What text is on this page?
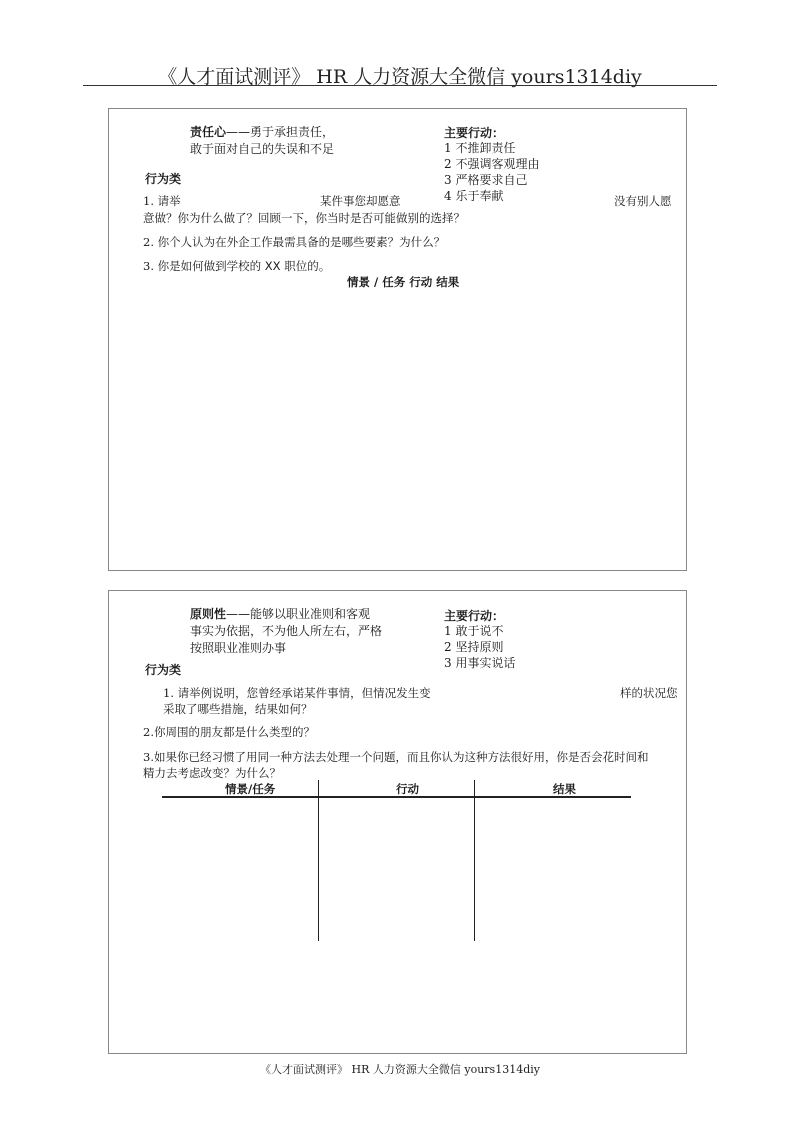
《人才面试测评》 HR 人力资源大全微信 yours1314diy
责任心——勇于承担责任，
敢于面对自己的失误和不足
主要行动：
1 不推卸责任
2 不强调客观理由
3 严格要求自己
4 乐于奉献
行为类
1. 请举	某件事您却愿意	没有别人愿
意做？你为什么做了？回顾一下，你当时是否可能做别的选择？
2. 你个人认为在外企工作最需具备的是哪些要素？为什么？
3. 你是如何做到学校的 XX 职位的。
情景 / 任务 行动 结果
原则性——能够以职业准则和客观
事实为依据，不为他人所左右，严格
按照职业准则办事
主要行动：
1 敢于说不
2 坚持原则
3 用事实说话
行为类
1. 请举例说明，您曾经承诺某件事情，但情况发生变	样的状况您
采取了哪些措施，结果如何？
2.你周围的朋友都是什么类型的？
3.如果你已经习惯了用同一种方法去处理一个问题，而且你认为这种方法很好用，你是否会花时间和
精力去考虑改变？为什么？
情景/任务	行动	结果
《人才面试测评》 HR 人力资源大全微信 yours1314diy
